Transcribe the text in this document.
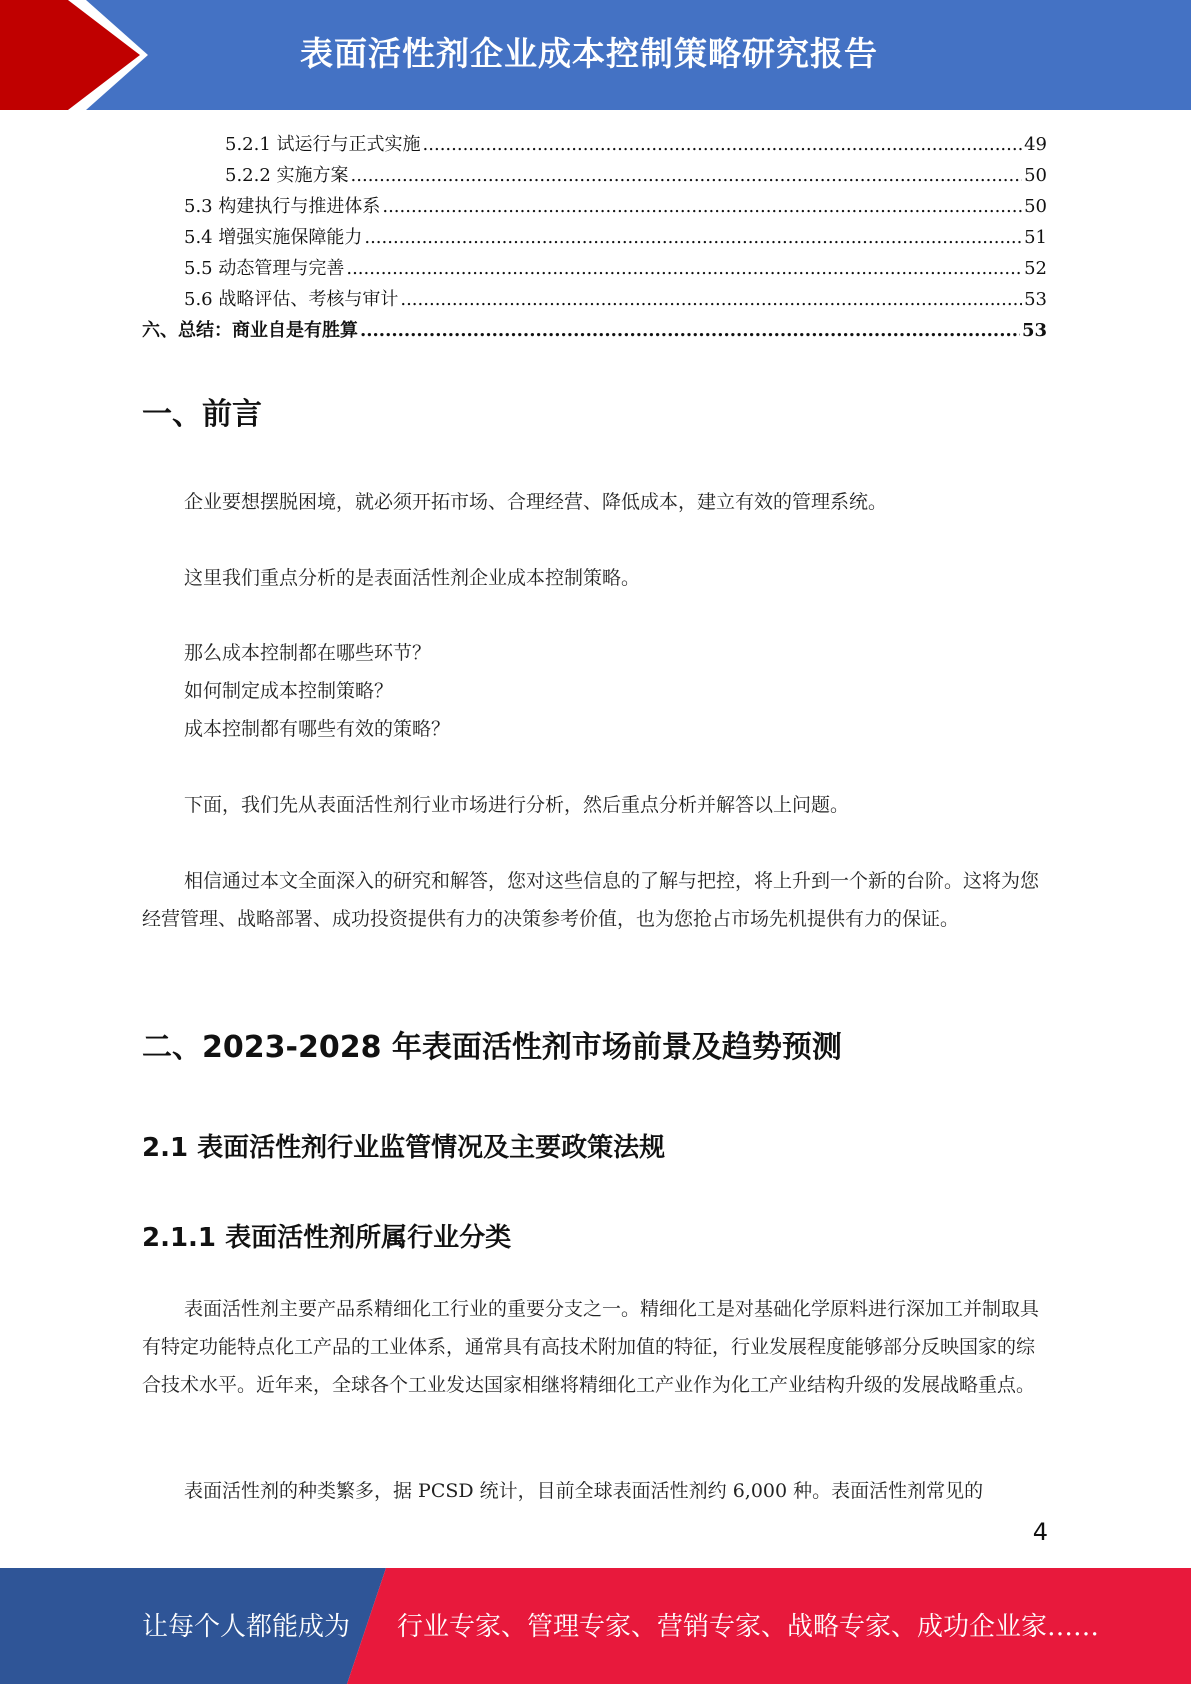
表面活性剂企业成本控制策略研究报告
5.2.1 试运行与正式实施 .....	49
5.2.2 实施方案 .....	50
5.3 构建执行与推进体系 .....	50
5.4 增强实施保障能力 .....	51
5.5 动态管理与完善 .....	52
5.6 战略评估、考核与审计 .....	53
六、总结：商业自是有胜算 .....	53
一、前言
企业要想摆脱困境，就必须开拓市场、合理经营、降低成本，建立有效的管理系统。
这里我们重点分析的是表面活性剂企业成本控制策略。
那么成本控制都在哪些环节？
如何制定成本控制策略？
成本控制都有哪些有效的策略？
下面，我们先从表面活性剂行业市场进行分析，然后重点分析并解答以上问题。
相信通过本文全面深入的研究和解答，您对这些信息的了解与把控，将上升到一个新的台阶。这将为您经营管理、战略部署、成功投资提供有力的决策参考价值，也为您抢占市场先机提供有力的保证。
二、2023-2028 年表面活性剂市场前景及趋势预测
2.1 表面活性剂行业监管情况及主要政策法规
2.1.1 表面活性剂所属行业分类
表面活性剂主要产品系精细化工行业的重要分支之一。精细化工是对基础化学原料进行深加工并制取具有特定功能特点化工产品的工业体系，通常具有高技术附加值的特征，行业发展程度能够部分反映国家的综合技术水平。近年来，全球各个工业发达国家相继将精细化工产业作为化工产业结构升级的发展战略重点。
表面活性剂的种类繁多，据 PCSD 统计，目前全球表面活性剂约 6,000 种。表面活性剂常见的
4
让每个人都能成为 行业专家、管理专家、营销专家、战略专家、成功企业家……
